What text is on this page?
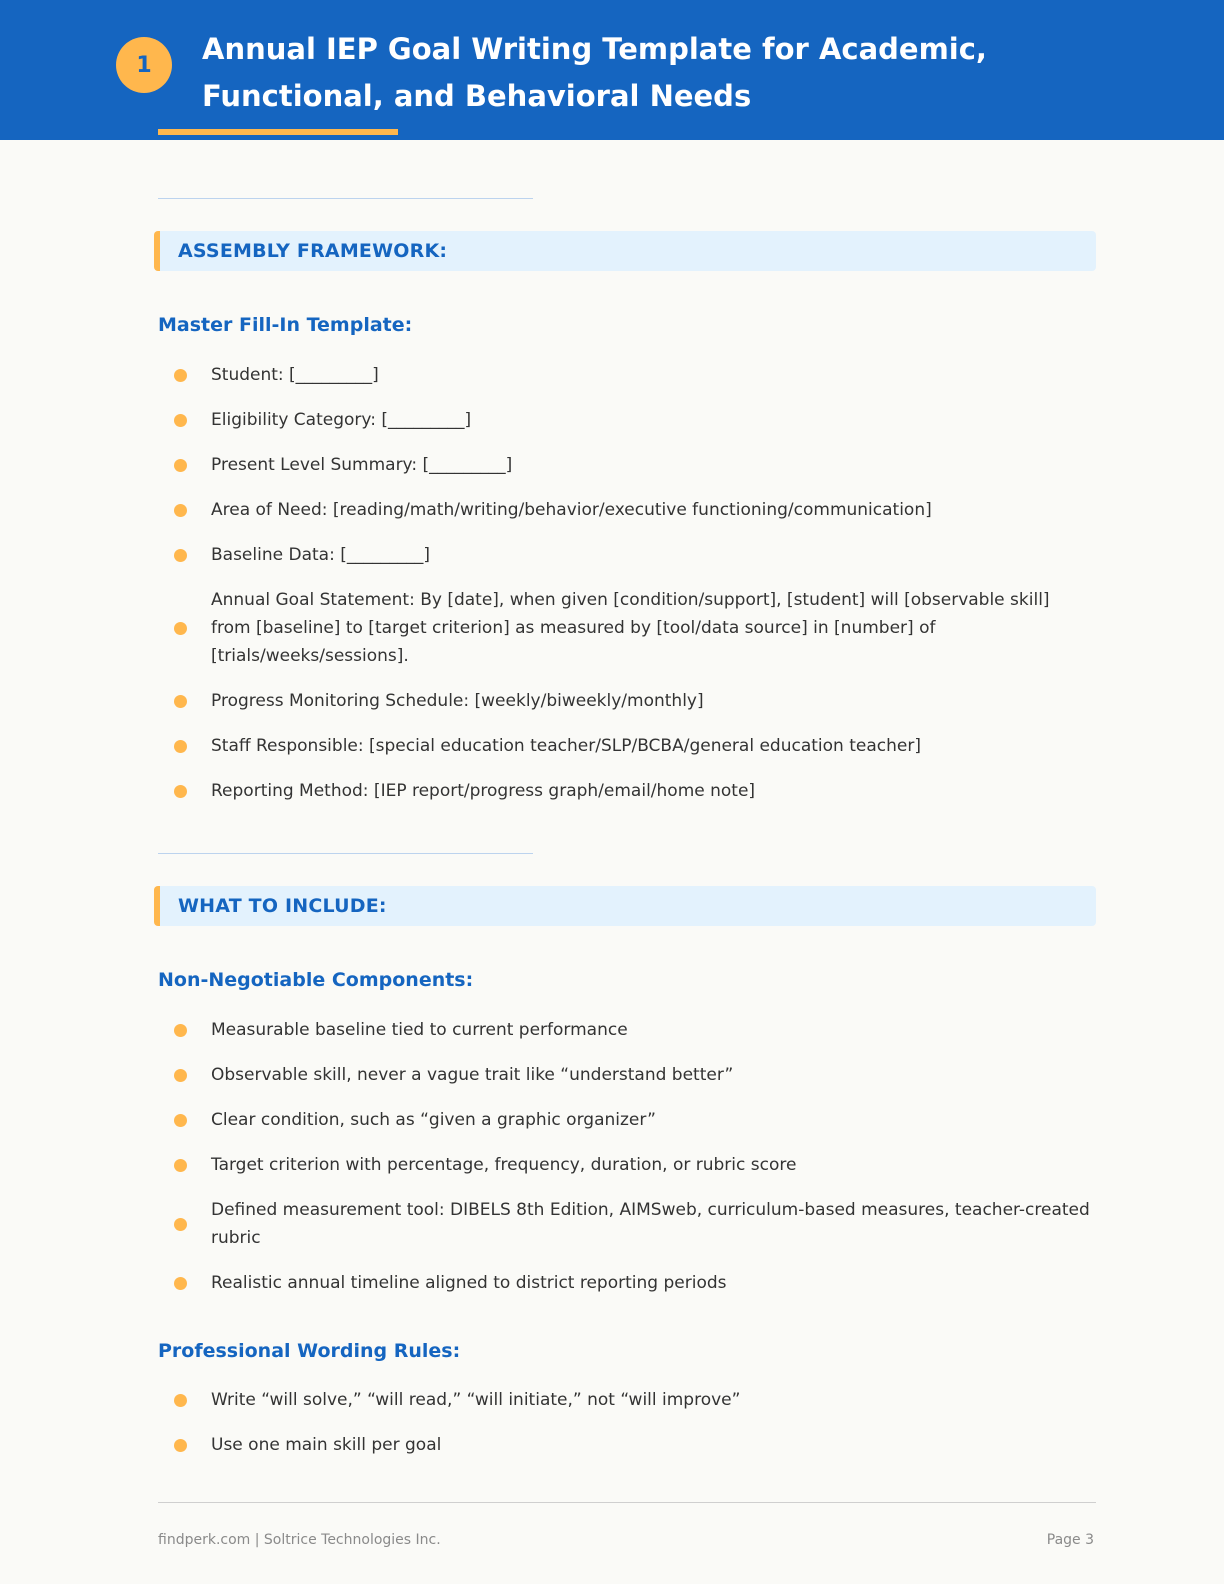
1	Annual IEP Goal Writing Template for Academic,
Functional, and Behavioral Needs
ASSEMBLY FRAMEWORK:
Master Fill-In Template:
Student: [_________]
Eligibility Category: [_________]
Present Level Summary: [_________]
Area of Need: [reading/math/writing/behavior/executive functioning/communication]
Baseline Data: [_________]
Annual Goal Statement: By [date], when given [condition/support], [student] will [observable skill] from [baseline] to [target criterion] as measured by [tool/data source] in [number] of [trials/weeks/sessions].
Progress Monitoring Schedule: [weekly/biweekly/monthly]
Staff Responsible: [special education teacher/SLP/BCBA/general education teacher]
Reporting Method: [IEP report/progress graph/email/home note]
WHAT TO INCLUDE:
Non-Negotiable Components:
Measurable baseline tied to current performance
Observable skill, never a vague trait like “understand better”
Clear condition, such as “given a graphic organizer”
Target criterion with percentage, frequency, duration, or rubric score
Defined measurement tool: DIBELS 8th Edition, AIMSweb, curriculum-based measures, teacher-created rubric
Realistic annual timeline aligned to district reporting periods
Professional Wording Rules:
Write “will solve,” “will read,” “will initiate,” not “will improve”
Use one main skill per goal
findperk.com | Soltrice Technologies Inc.	Page 3
